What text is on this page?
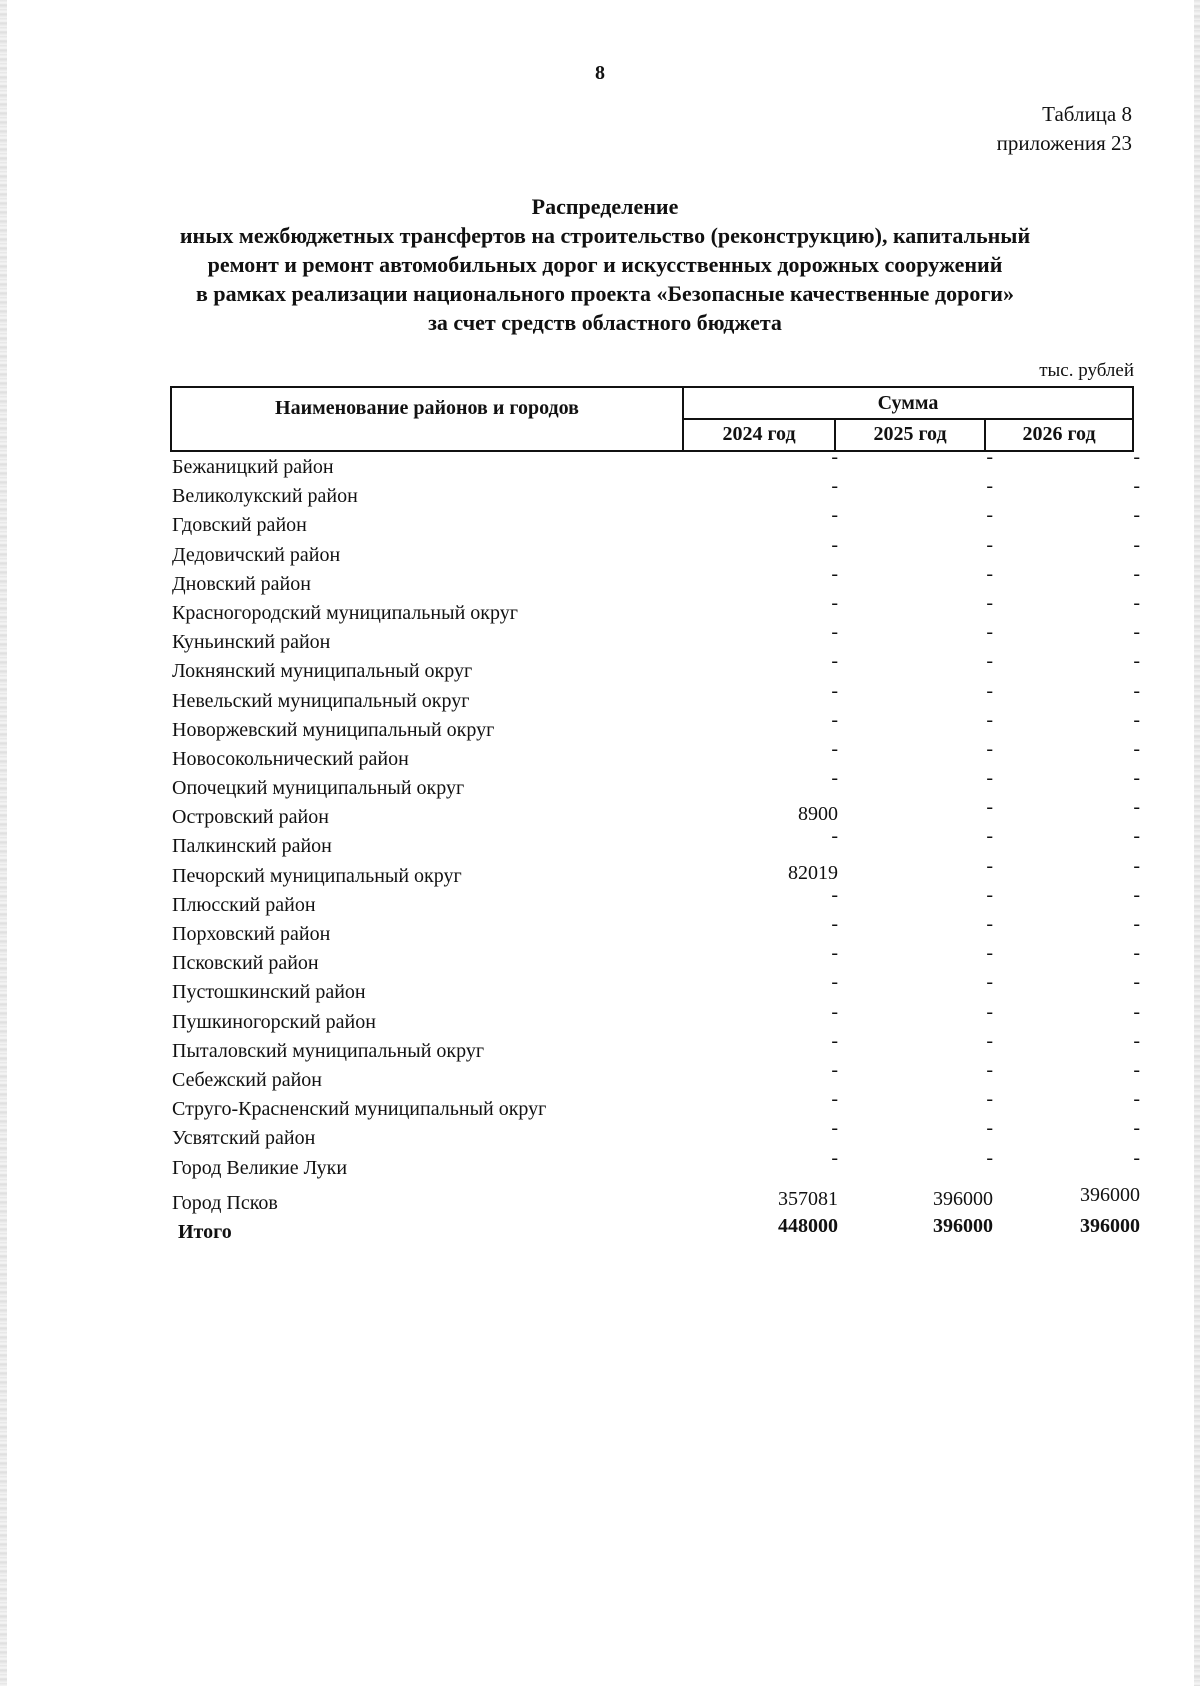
8
Таблица 8
приложения 23
Распределение
иных межбюджетных трансфертов на строительство (реконструкцию), капитальный
ремонт и ремонт автомобильных дорог и искусственных дорожных сооружений
в рамках реализации национального проекта «Безопасные качественные дороги»
за счет средств областного бюджета
тыс. рублей
Наименование районов и городов	Сумма
2024 год	2025 год	2026 год
Бежаницкий район	-	-	-
Великолукский район	-	-	-
Гдовский район	-	-	-
Дедовичский район	-	-	-
Дновский район	-	-	-
Красногородский муниципальный округ	-	-	-
Куньинский район	-	-	-
Локнянский муниципальный округ	-	-	-
Невельский муниципальный округ	-	-	-
Новоржевский муниципальный округ	-	-	-
Новосокольнический район	-	-	-
Опочецкий муниципальный округ	-	-	-
Островский район	8900	-	-
Палкинский район	-	-	-
Печорский муниципальный округ	82019	-	-
Плюсский район	-	-	-
Порховский район	-	-	-
Псковский район	-	-	-
Пустошкинский район	-	-	-
Пушкиногорский район	-	-	-
Пыталовский муниципальный округ	-	-	-
Себежский район	-	-	-
Струго-Красненский муниципальный округ	-	-	-
Усвятский район	-	-	-
Город Великие Луки	-	-	-
Город Псков	357081	396000	396000
Итого	448000	396000	396000
